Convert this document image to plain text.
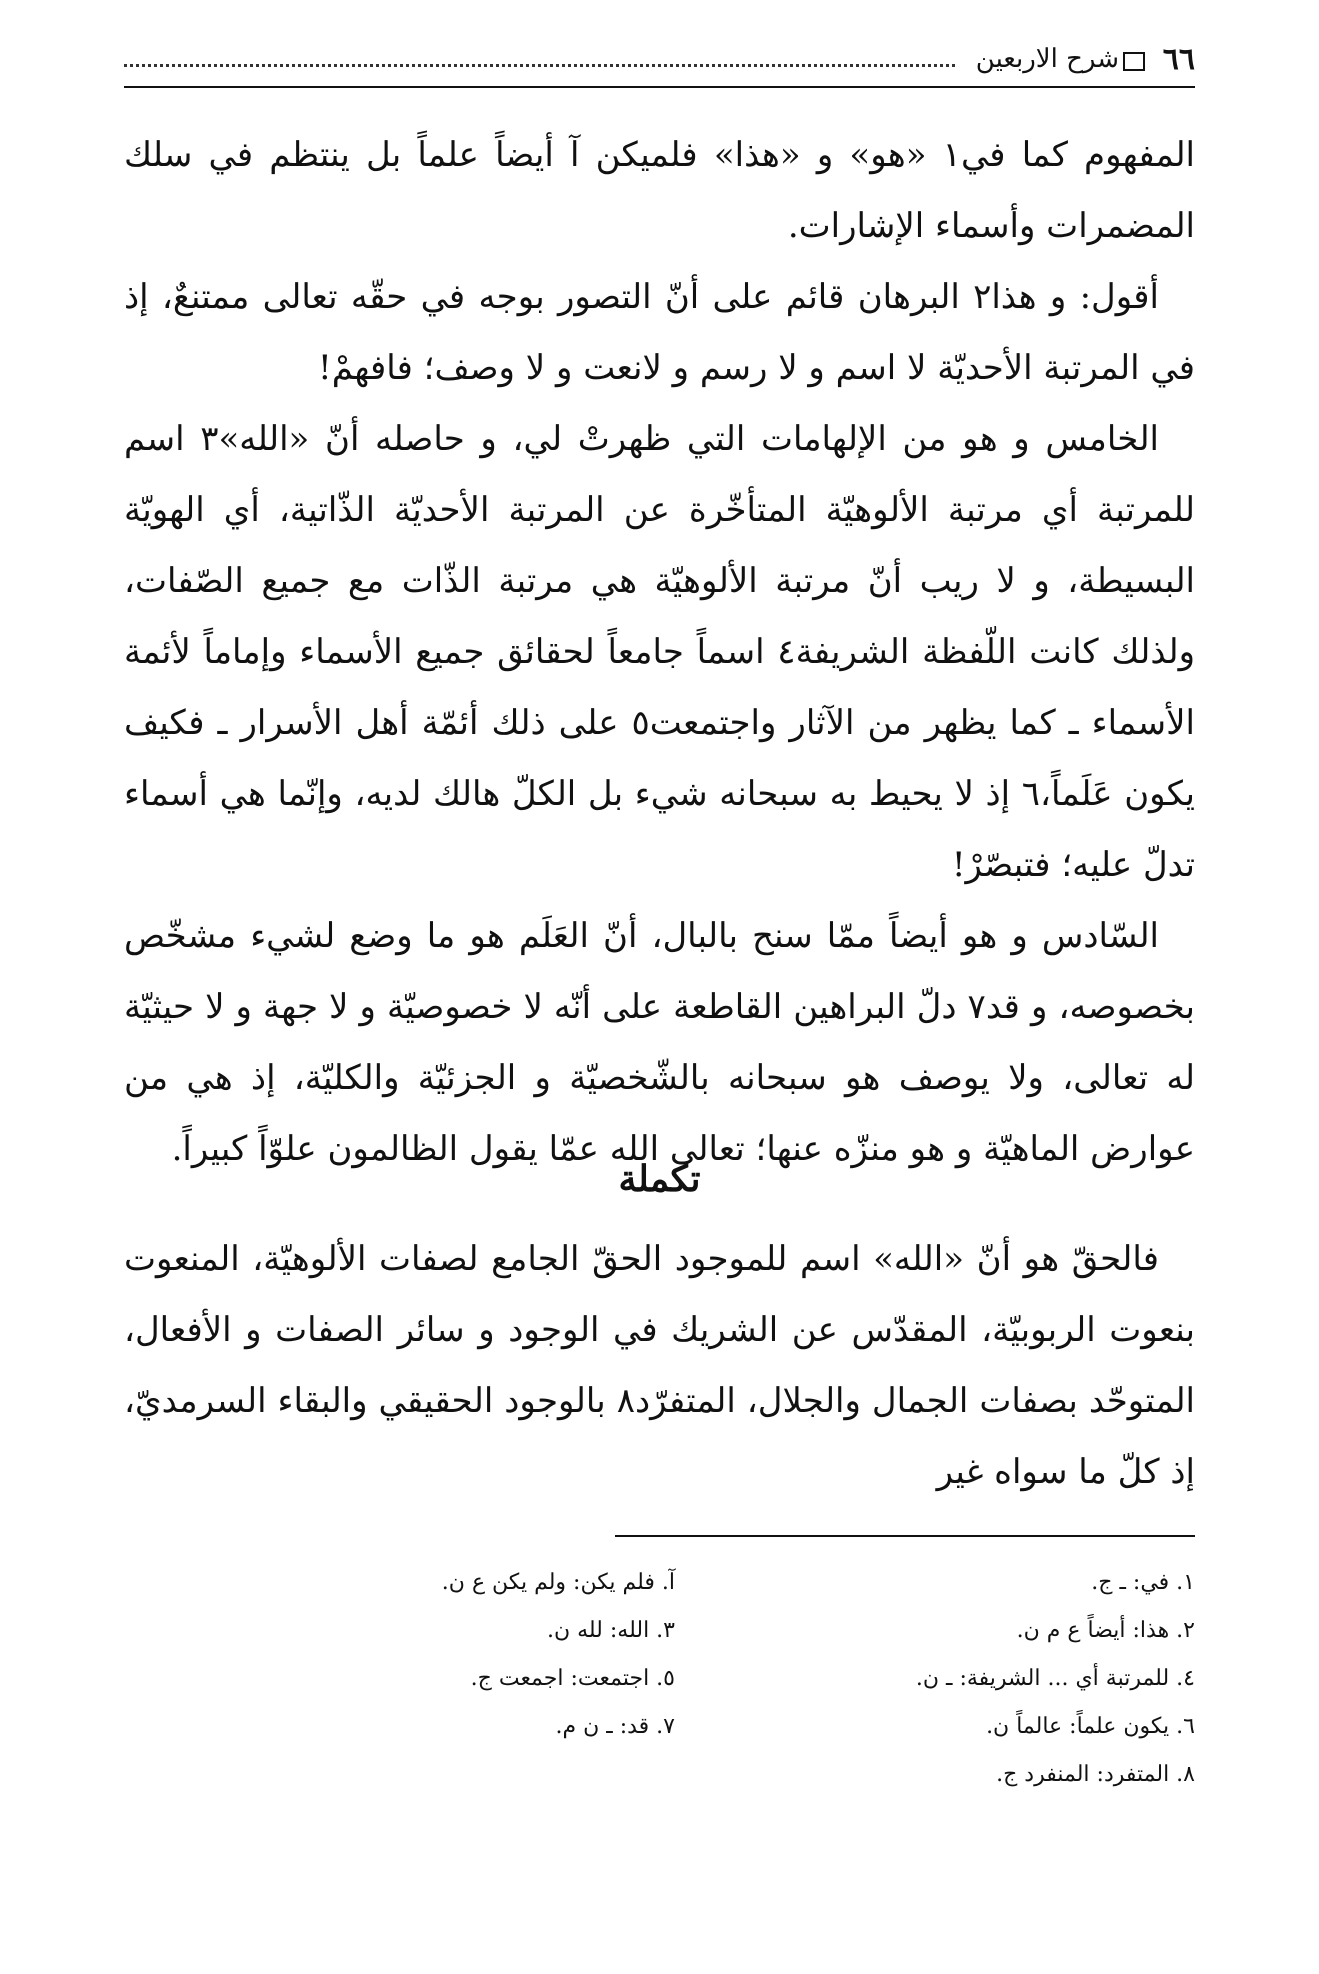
٦٦
شرح الاربعين

المفهوم كما في١ «هو» و «هذا» فلميكن آ أيضاً علماً بل ينتظم في سلك المضمرات وأسماء الإشارات.

أقول: و هذا٢ البرهان قائم على أنّ التصور بوجه في حقّه تعالى ممتنعٌ، إذ في المرتبة الأحديّة لا اسم و لا رسم و لانعت و لا وصف؛ فافهمْ!

الخامس و هو من الإلهامات التي ظهرتْ لي، و حاصله أنّ «الله»٣ اسم للمرتبة أي مرتبة الألوهيّة المتأخّرة عن المرتبة الأحديّة الذّاتية، أي الهويّة البسيطة، و لا ريب أنّ مرتبة الألوهيّة هي مرتبة الذّات مع جميع الصّفات، ولذلك كانت اللّفظة الشريفة٤ اسماً جامعاً لحقائق جميع الأسماء وإماماً لأئمة الأسماء ـ كما يظهر من الآثار واجتمعت٥ على ذلك أئمّة أهل الأسرار ـ فكيف يكون عَلَماً،٦ إذ لا يحيط به سبحانه شيء بل الكلّ هالك لديه، وإنّما هي أسماء تدلّ عليه؛ فتبصّرْ!

السّادس و هو أيضاً ممّا سنح بالبال، أنّ العَلَم هو ما وضع لشيء مشخّص بخصوصه، و قد٧ دلّ البراهين القاطعة على أنّه لا خصوصيّة و لا جهة و لا حيثيّة له تعالى، ولا يوصف هو سبحانه بالشّخصيّة و الجزئيّة والكليّة، إذ هي من عوارض الماهيّة و هو منزّه عنها؛ تعالى الله عمّا يقول الظالمون علوّاً كبيراً.

تكملة

فالحقّ هو أنّ «الله» اسم للموجود الحقّ الجامع لصفات الألوهيّة، المنعوت بنعوت الربوبيّة، المقدّس عن الشريك في الوجود و سائر الصفات و الأفعال، المتوحّد بصفات الجمال والجلال، المتفرّد٨ بالوجود الحقيقي والبقاء السرمديّ، إذ كلّ ما سواه غير

١. في: ـ ج.
آ. فلم يكن: ولم يكن ع ن.
٢. هذا: أيضاً ع م ن.
٣. الله: لله ن.
٤. للمرتبة أي ... الشريفة: ـ ن.
٥. اجتمعت: اجمعت ج.
٦. يكون علماً: عالماً ن.
٧. قد: ـ ن م.
٨. المتفرد: المنفرد ج.
